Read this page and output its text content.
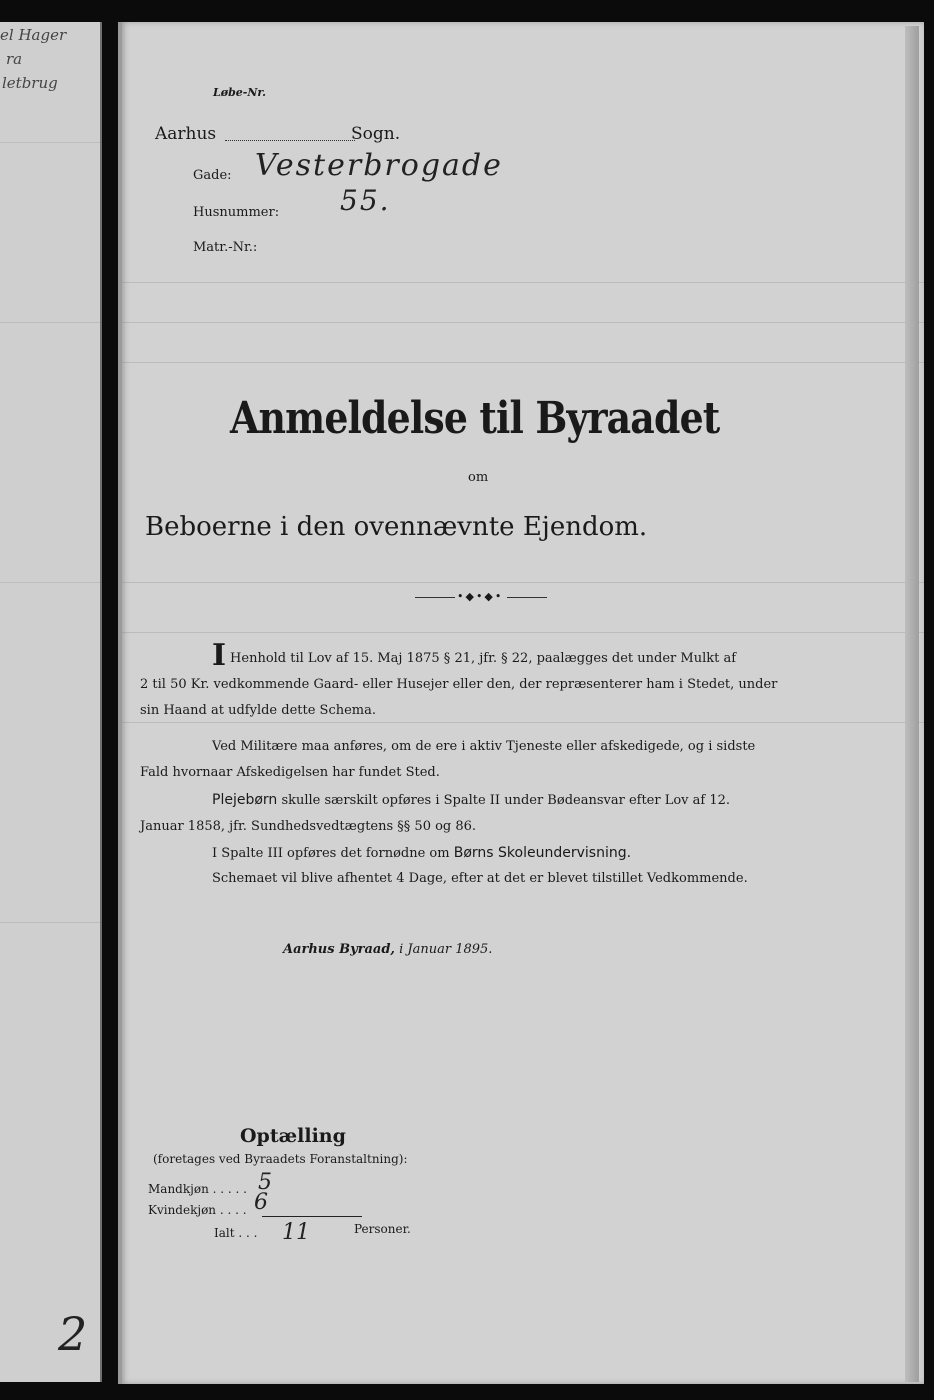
el Hager
ra
letbrug
2
Løbe-Nr.
Aarhus	Sogn.
Gade: Vesterbrogade
Husnummer: 55.
Matr.-Nr.:
Anmeldelse til Byraadet
om
Beboerne i den ovennævnte Ejendom.
•◆•◆•
I Henhold til Lov af 15. Maj 1875 § 21, jfr. § 22, paalægges det under Mulkt af
2 til 50 Kr. vedkommende Gaard- eller Husejer eller den, der repræsenterer ham i Stedet, under
sin Haand at udfylde dette Schema.
Ved Militære maa anføres, om de ere i aktiv Tjeneste eller afskedigede, og i sidste
Fald hvornaar Afskedigelsen har fundet Sted.
Plejebørn skulle særskilt opføres i Spalte II under Bødeansvar efter Lov af 12.
Januar 1858, jfr. Sundhedsvedtægtens §§ 50 og 86.
I Spalte III opføres det fornødne om Børns Skoleundervisning.
Schemaet vil blive afhentet 4 Dage, efter at det er blevet tilstillet Vedkommende.
Aarhus Byraad, i Januar 1895.
Optælling
(foretages ved Byraadets Foranstaltning):
Mandkjøn . . . . . 5
Kvindekjøn . . . . 6
Ialt . . . 11	Personer.
